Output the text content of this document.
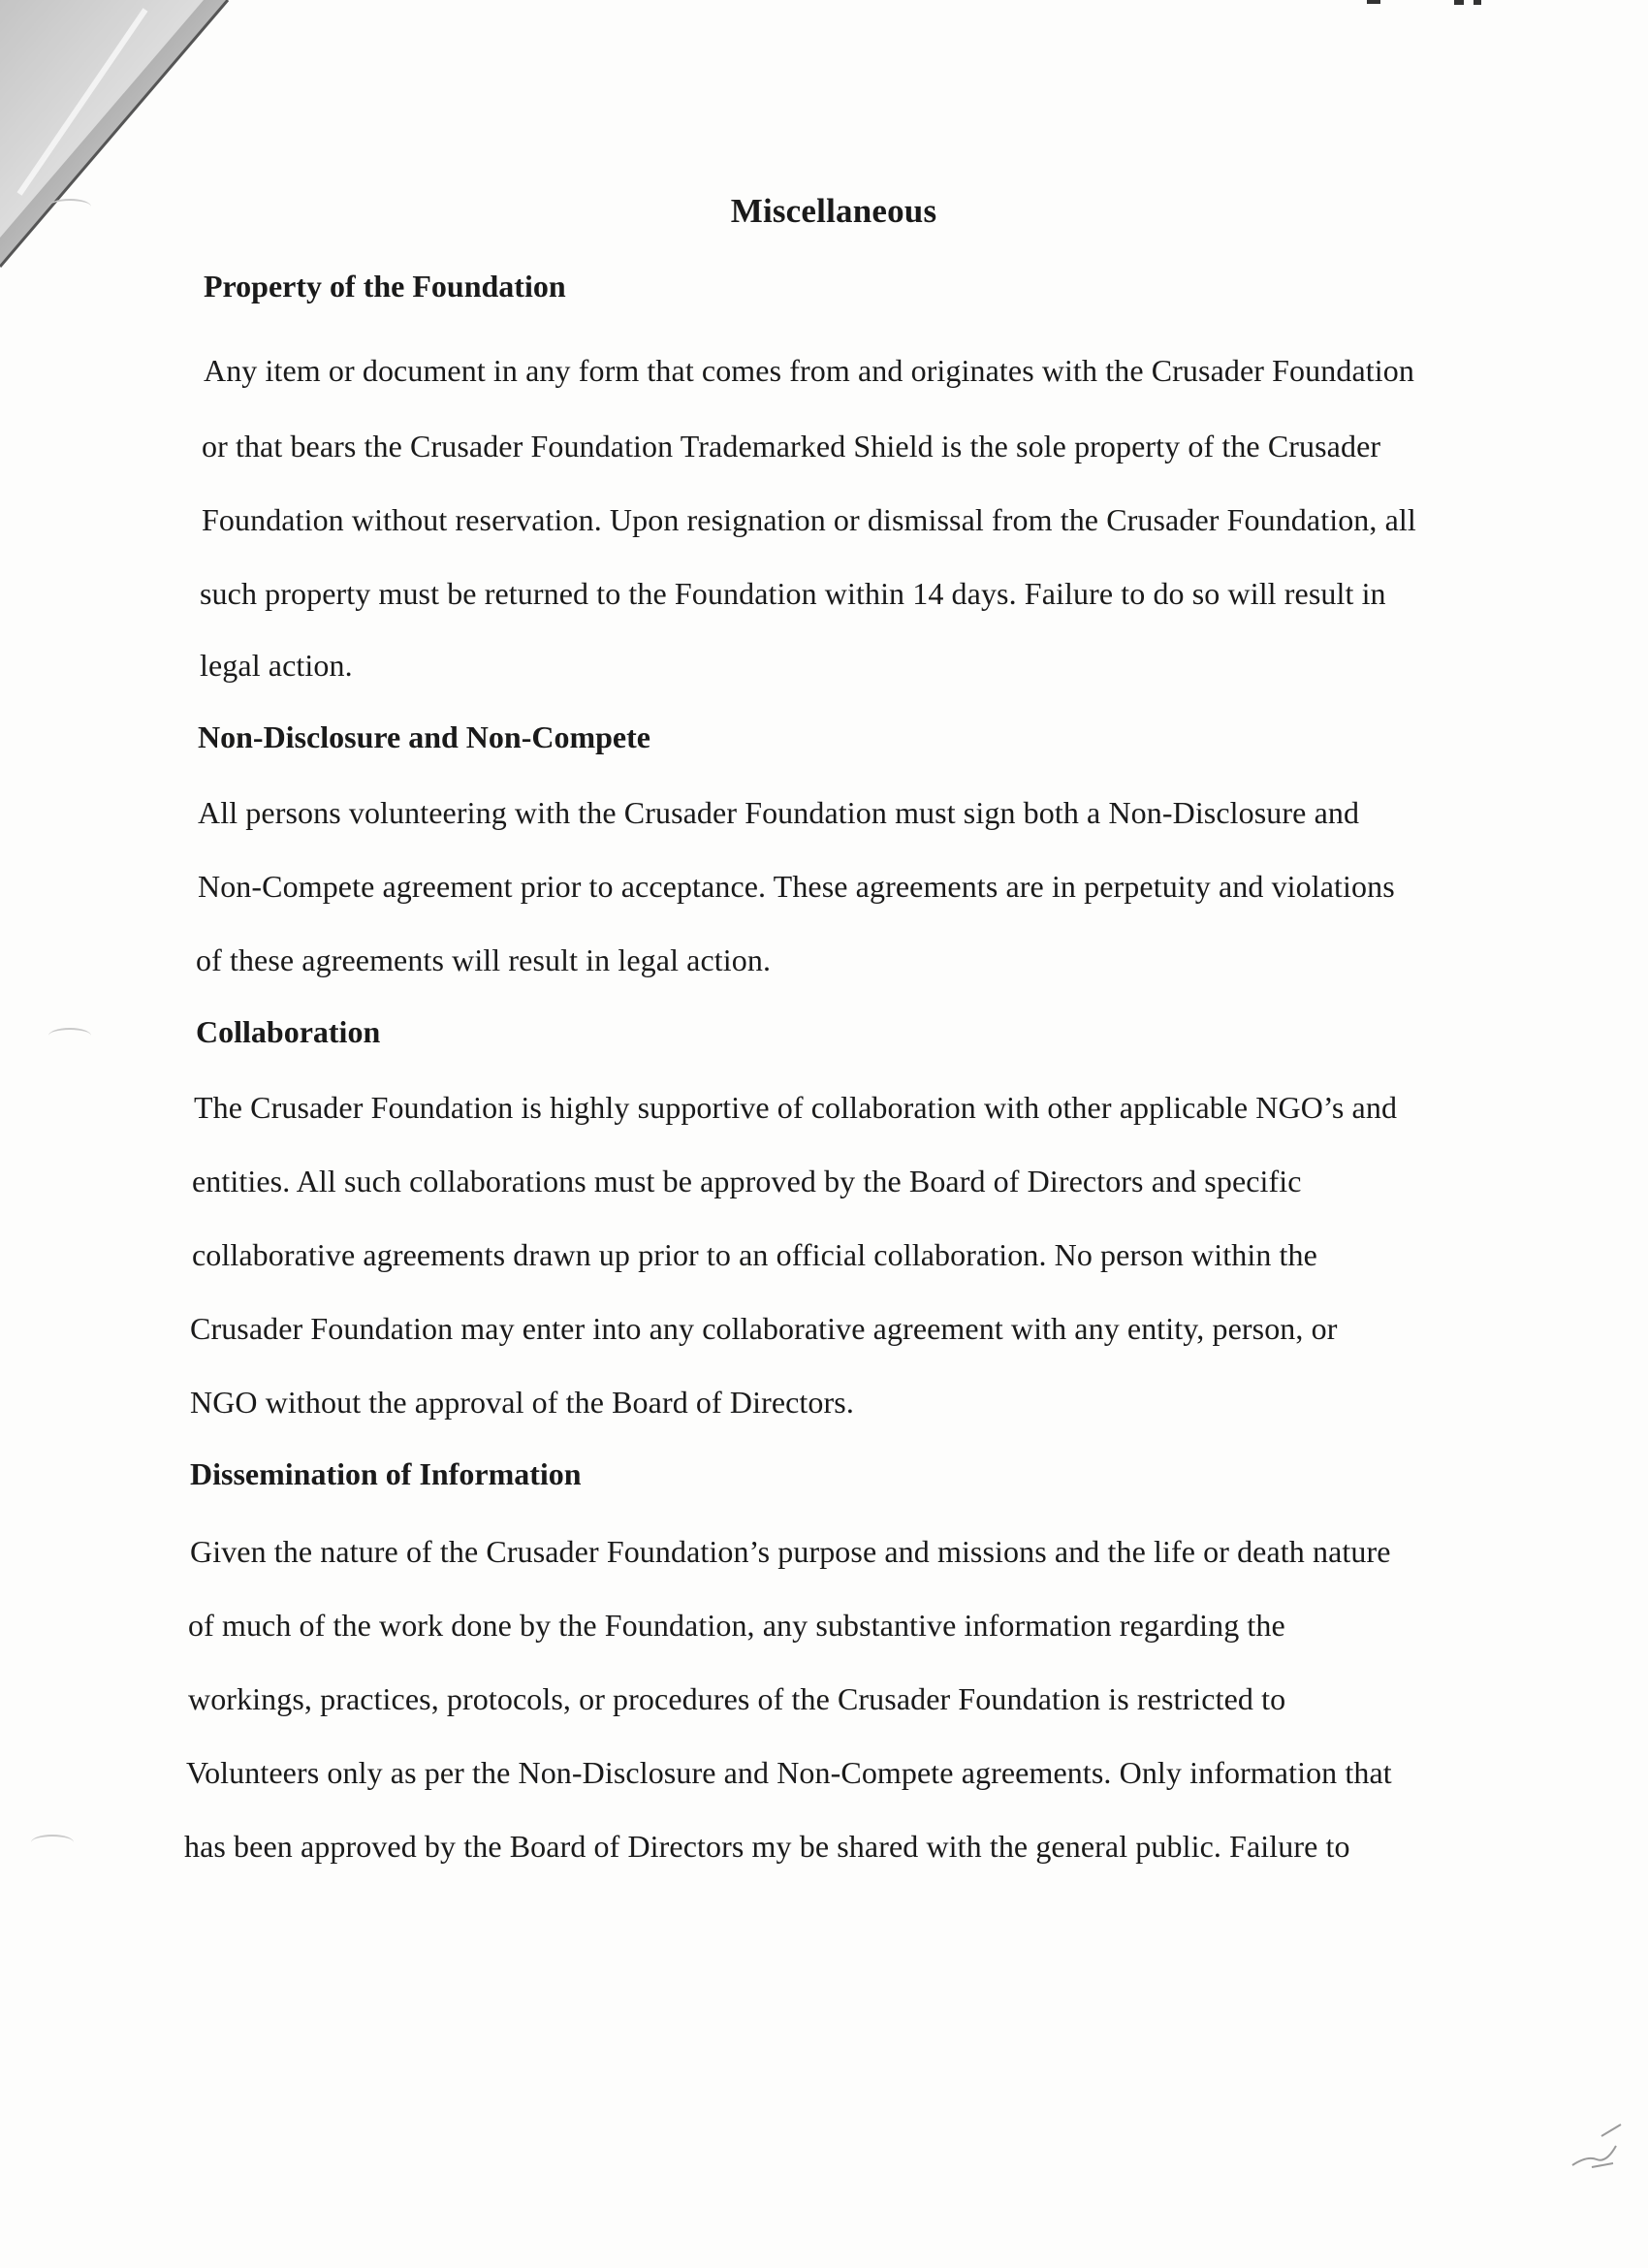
Miscellaneous
Property of the Foundation
Any item or document in any form that comes from and originates with the Crusader Foundation
or that bears the Crusader Foundation Trademarked Shield is the sole property of the Crusader
Foundation without reservation. Upon resignation or dismissal from the Crusader Foundation, all
such property must be returned to the Foundation within 14 days. Failure to do so will result in
legal action.
Non-Disclosure and Non-Compete
All persons volunteering with the Crusader Foundation must sign both a Non-Disclosure and
Non-Compete agreement prior to acceptance. These agreements are in perpetuity and violations
of these agreements will result in legal action.
Collaboration
The Crusader Foundation is highly supportive of collaboration with other applicable NGO’s and
entities. All such collaborations must be approved by the Board of Directors and specific
collaborative agreements drawn up prior to an official collaboration. No person within the
Crusader Foundation may enter into any collaborative agreement with any entity, person, or
NGO without the approval of the Board of Directors.
Dissemination of Information
Given the nature of the Crusader Foundation’s purpose and missions and the life or death nature
of much of the work done by the Foundation, any substantive information regarding the
workings, practices, protocols, or procedures of the Crusader Foundation is restricted to
Volunteers only as per the Non-Disclosure and Non-Compete agreements. Only information that
has been approved by the Board of Directors my be shared with the general public. Failure to
